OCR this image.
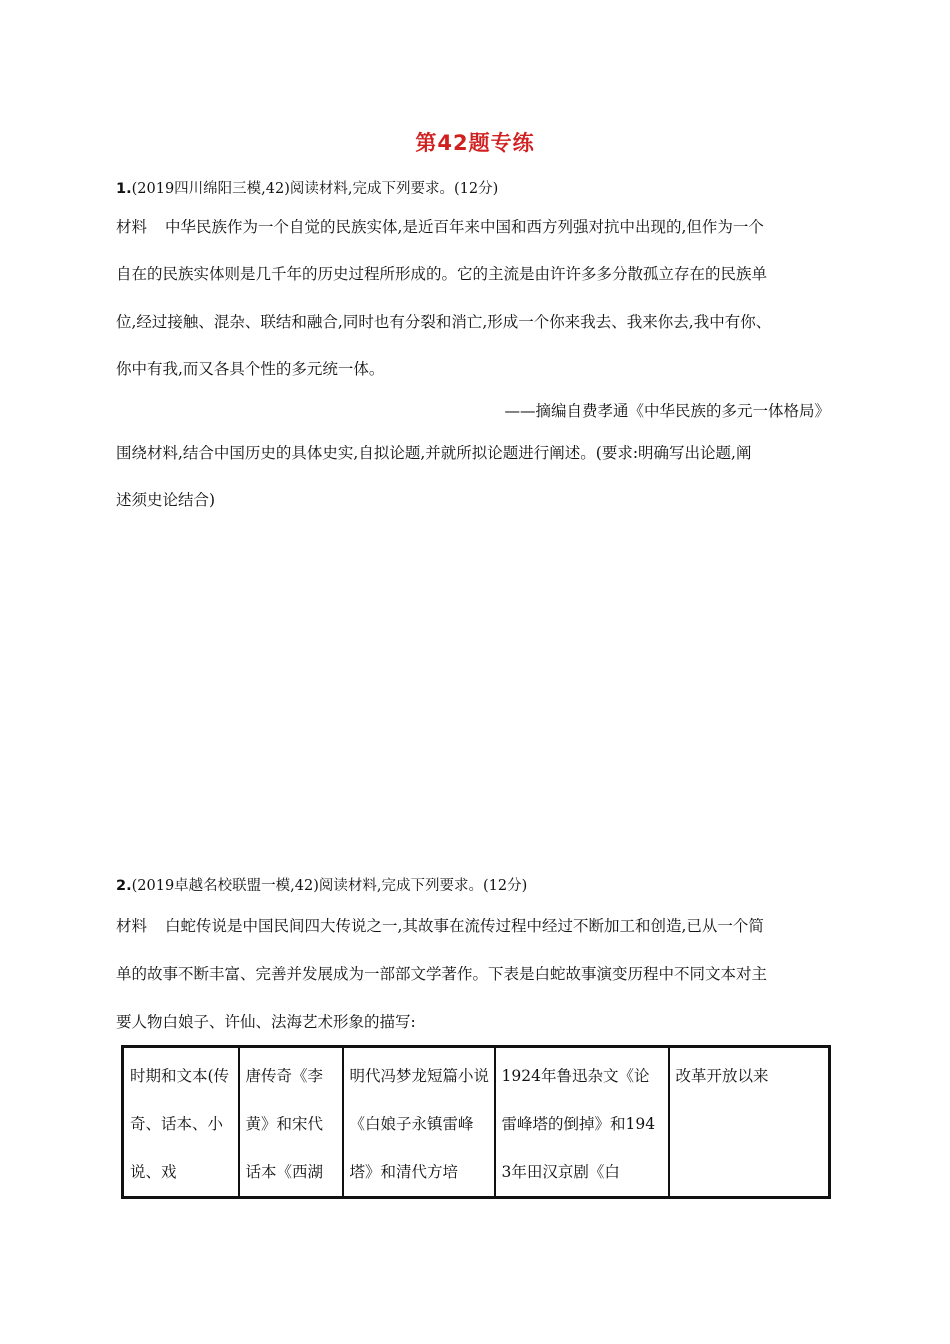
第42题专练
1.(2019四川绵阳三模,42)阅读材料,完成下列要求。(12分)
材料 中华民族作为一个自觉的民族实体,是近百年来中国和西方列强对抗中出现的,但作为一个
自在的民族实体则是几千年的历史过程所形成的。它的主流是由许许多多分散孤立存在的民族单
位,经过接触、混杂、联结和融合,同时也有分裂和消亡,形成一个你来我去、我来你去,我中有你、
你中有我,而又各具个性的多元统一体。
——摘编自费孝通《中华民族的多元一体格局》
围绕材料,结合中国历史的具体史实,自拟论题,并就所拟论题进行阐述。(要求:明确写出论题,阐
述须史论结合)
2.(2019卓越名校联盟一模,42)阅读材料,完成下列要求。(12分)
材料 白蛇传说是中国民间四大传说之一,其故事在流传过程中经过不断加工和创造,已从一个简
单的故事不断丰富、完善并发展成为一部部文学著作。下表是白蛇故事演变历程中不同文本对主
要人物白娘子、许仙、法海艺术形象的描写:
时期和文本(传奇、话本、小说、戏	唐传奇《李黄》和宋代话本《西湖	明代冯梦龙短篇小说《白娘子永镇雷峰塔》和清代方培	1924年鲁迅杂文《论雷峰塔的倒掉》和1943年田汉京剧《白	改革开放以来
